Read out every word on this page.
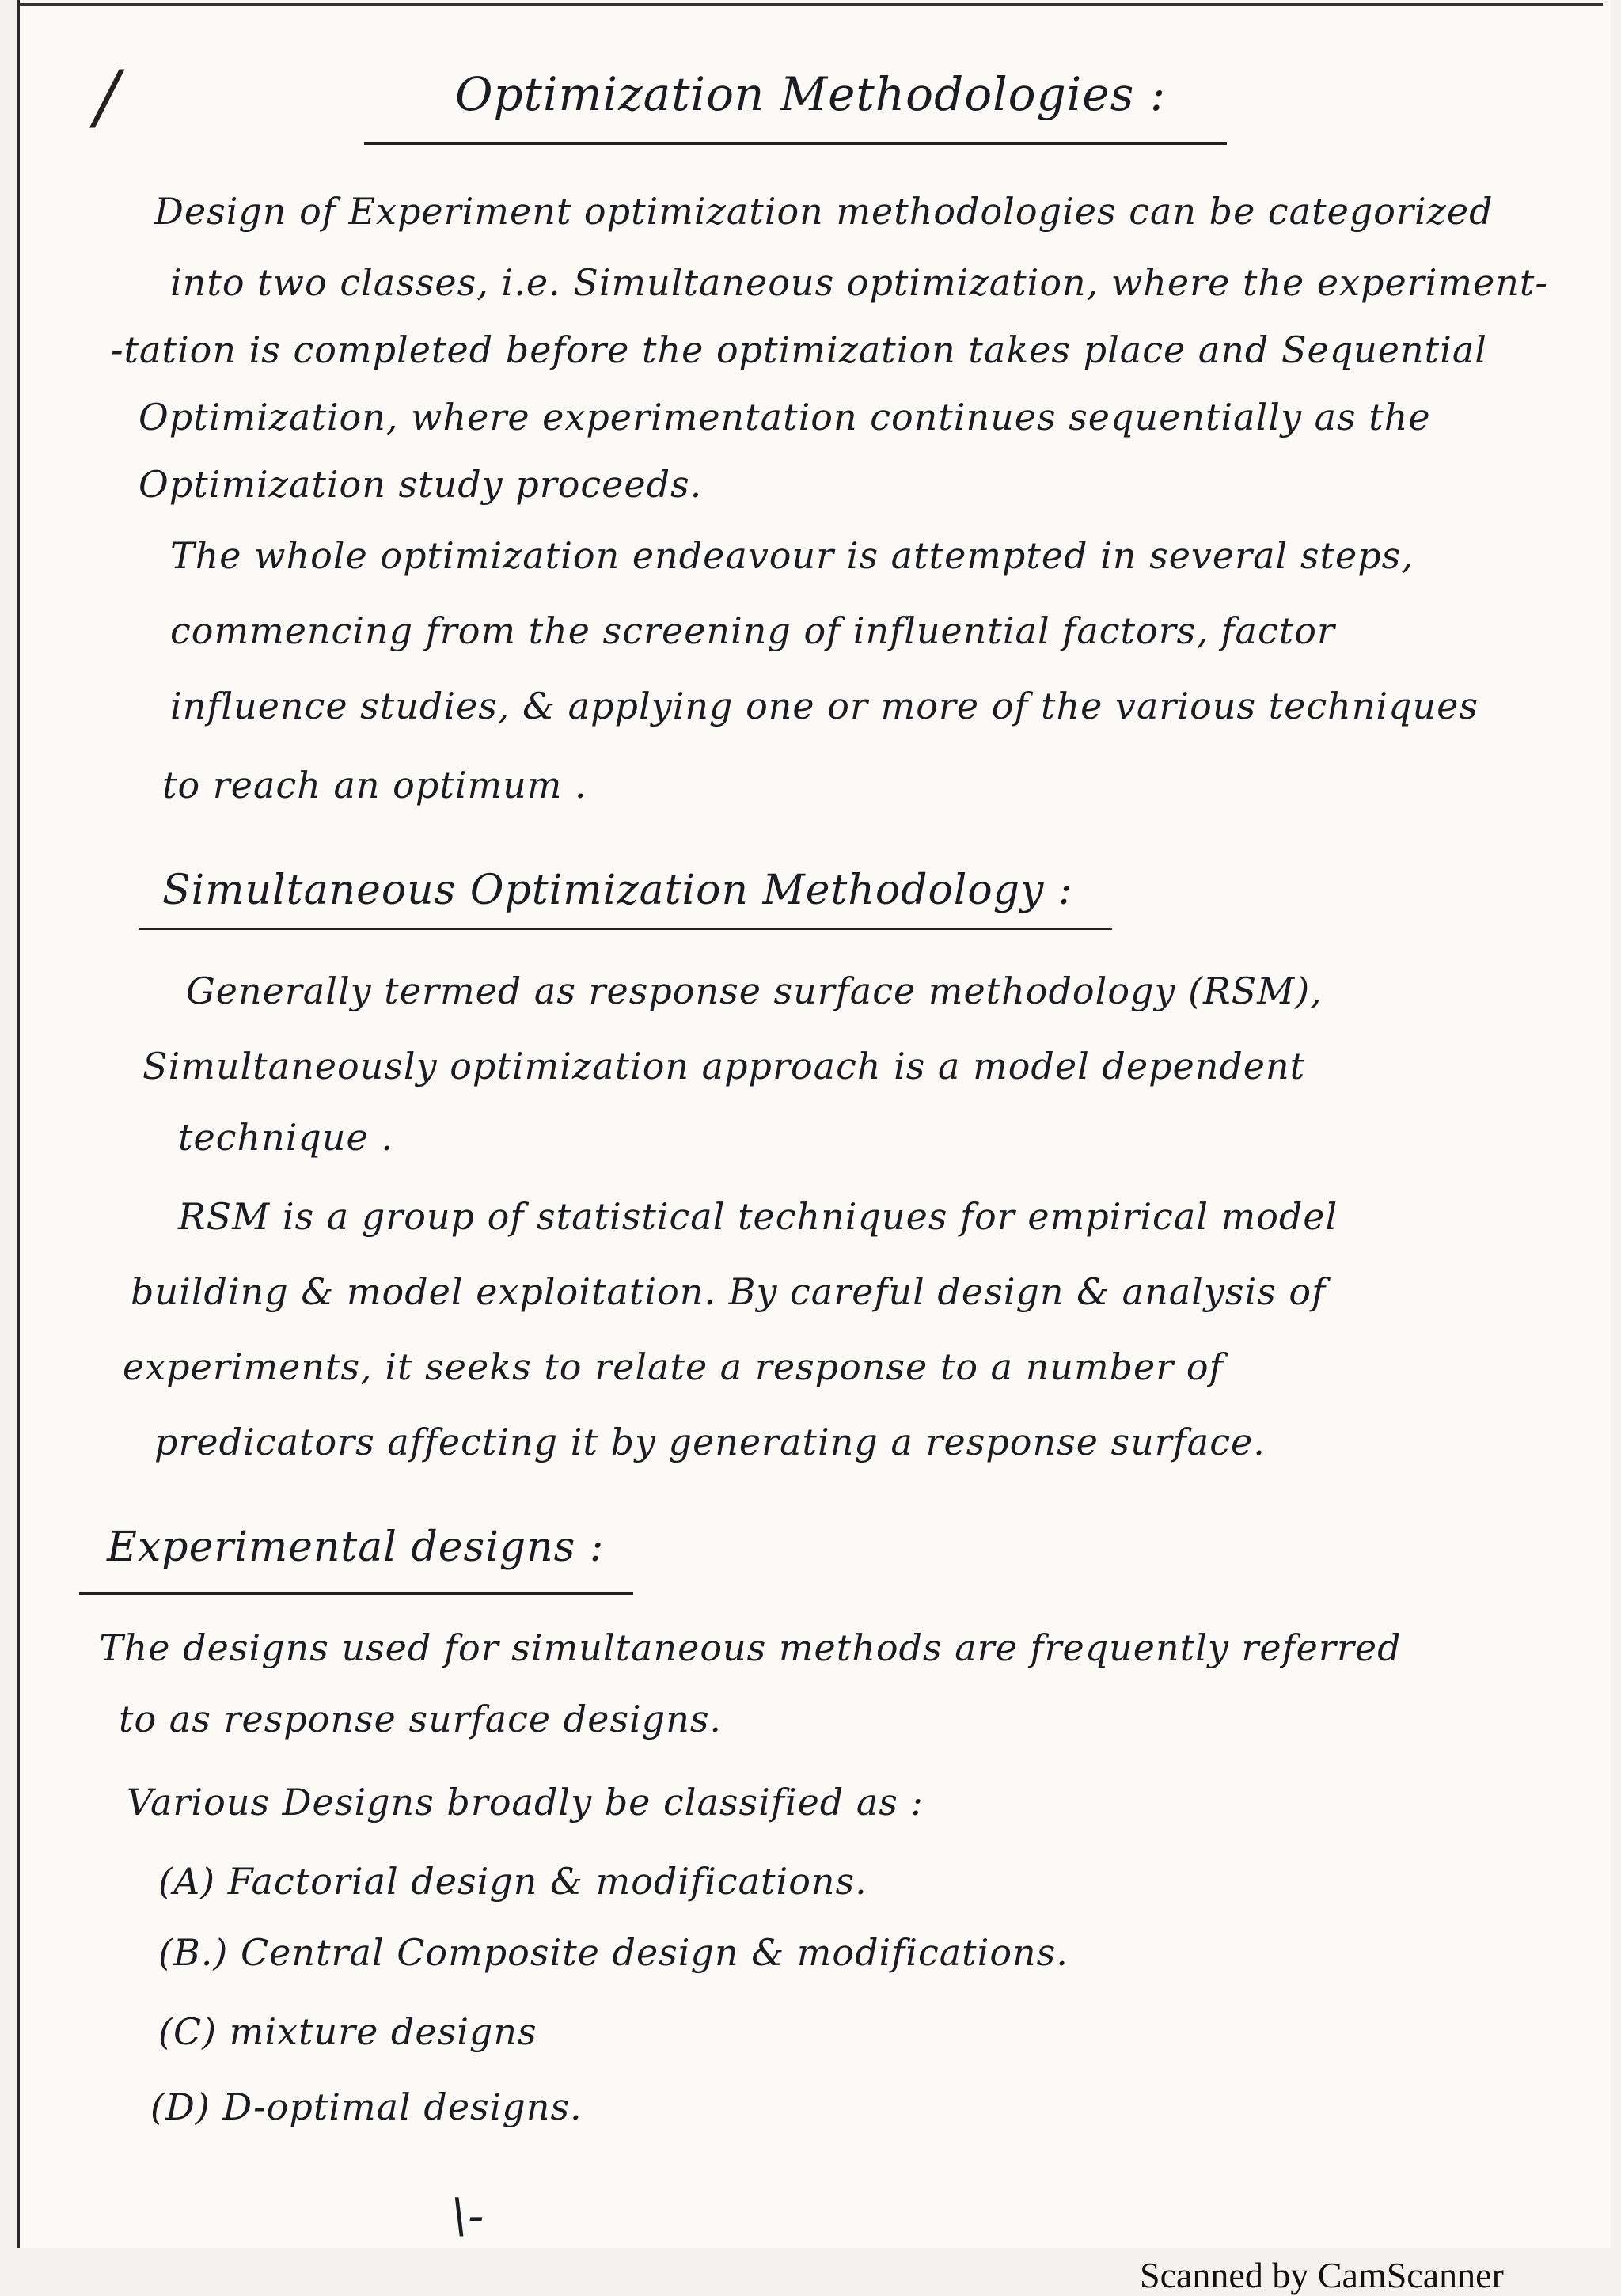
/	Optimization Methodologies :
Design of Experiment optimization methodologies can be categorized
into two classes, i.e. Simultaneous optimization, where the experiment-
-tation is completed before the optimization takes place and Sequential
Optimization, where experimentation continues sequentially as the
Optimization study proceeds.
The whole optimization endeavour is attempted in several steps,
commencing from the screening of influential factors, factor
influence studies, & applying one or more of the various techniques
to reach an optimum .
Simultaneous Optimization Methodology :
Generally termed as response surface methodology (RSM),
Simultaneously optimization approach is a model dependent
technique .
RSM is a group of statistical techniques for empirical model
building & model exploitation. By careful design & analysis of
experiments, it seeks to relate a response to a number of
predicators affecting it by generating a response surface.
Experimental designs :
The designs used for simultaneous methods are frequently referred
to as response surface designs.
Various Designs broadly be classified as :
(A) Factorial design & modifications.
(B.) Central Composite design & modifications.
(C) mixture designs
(D) D-optimal designs.
\-
Scanned by CamScanner
